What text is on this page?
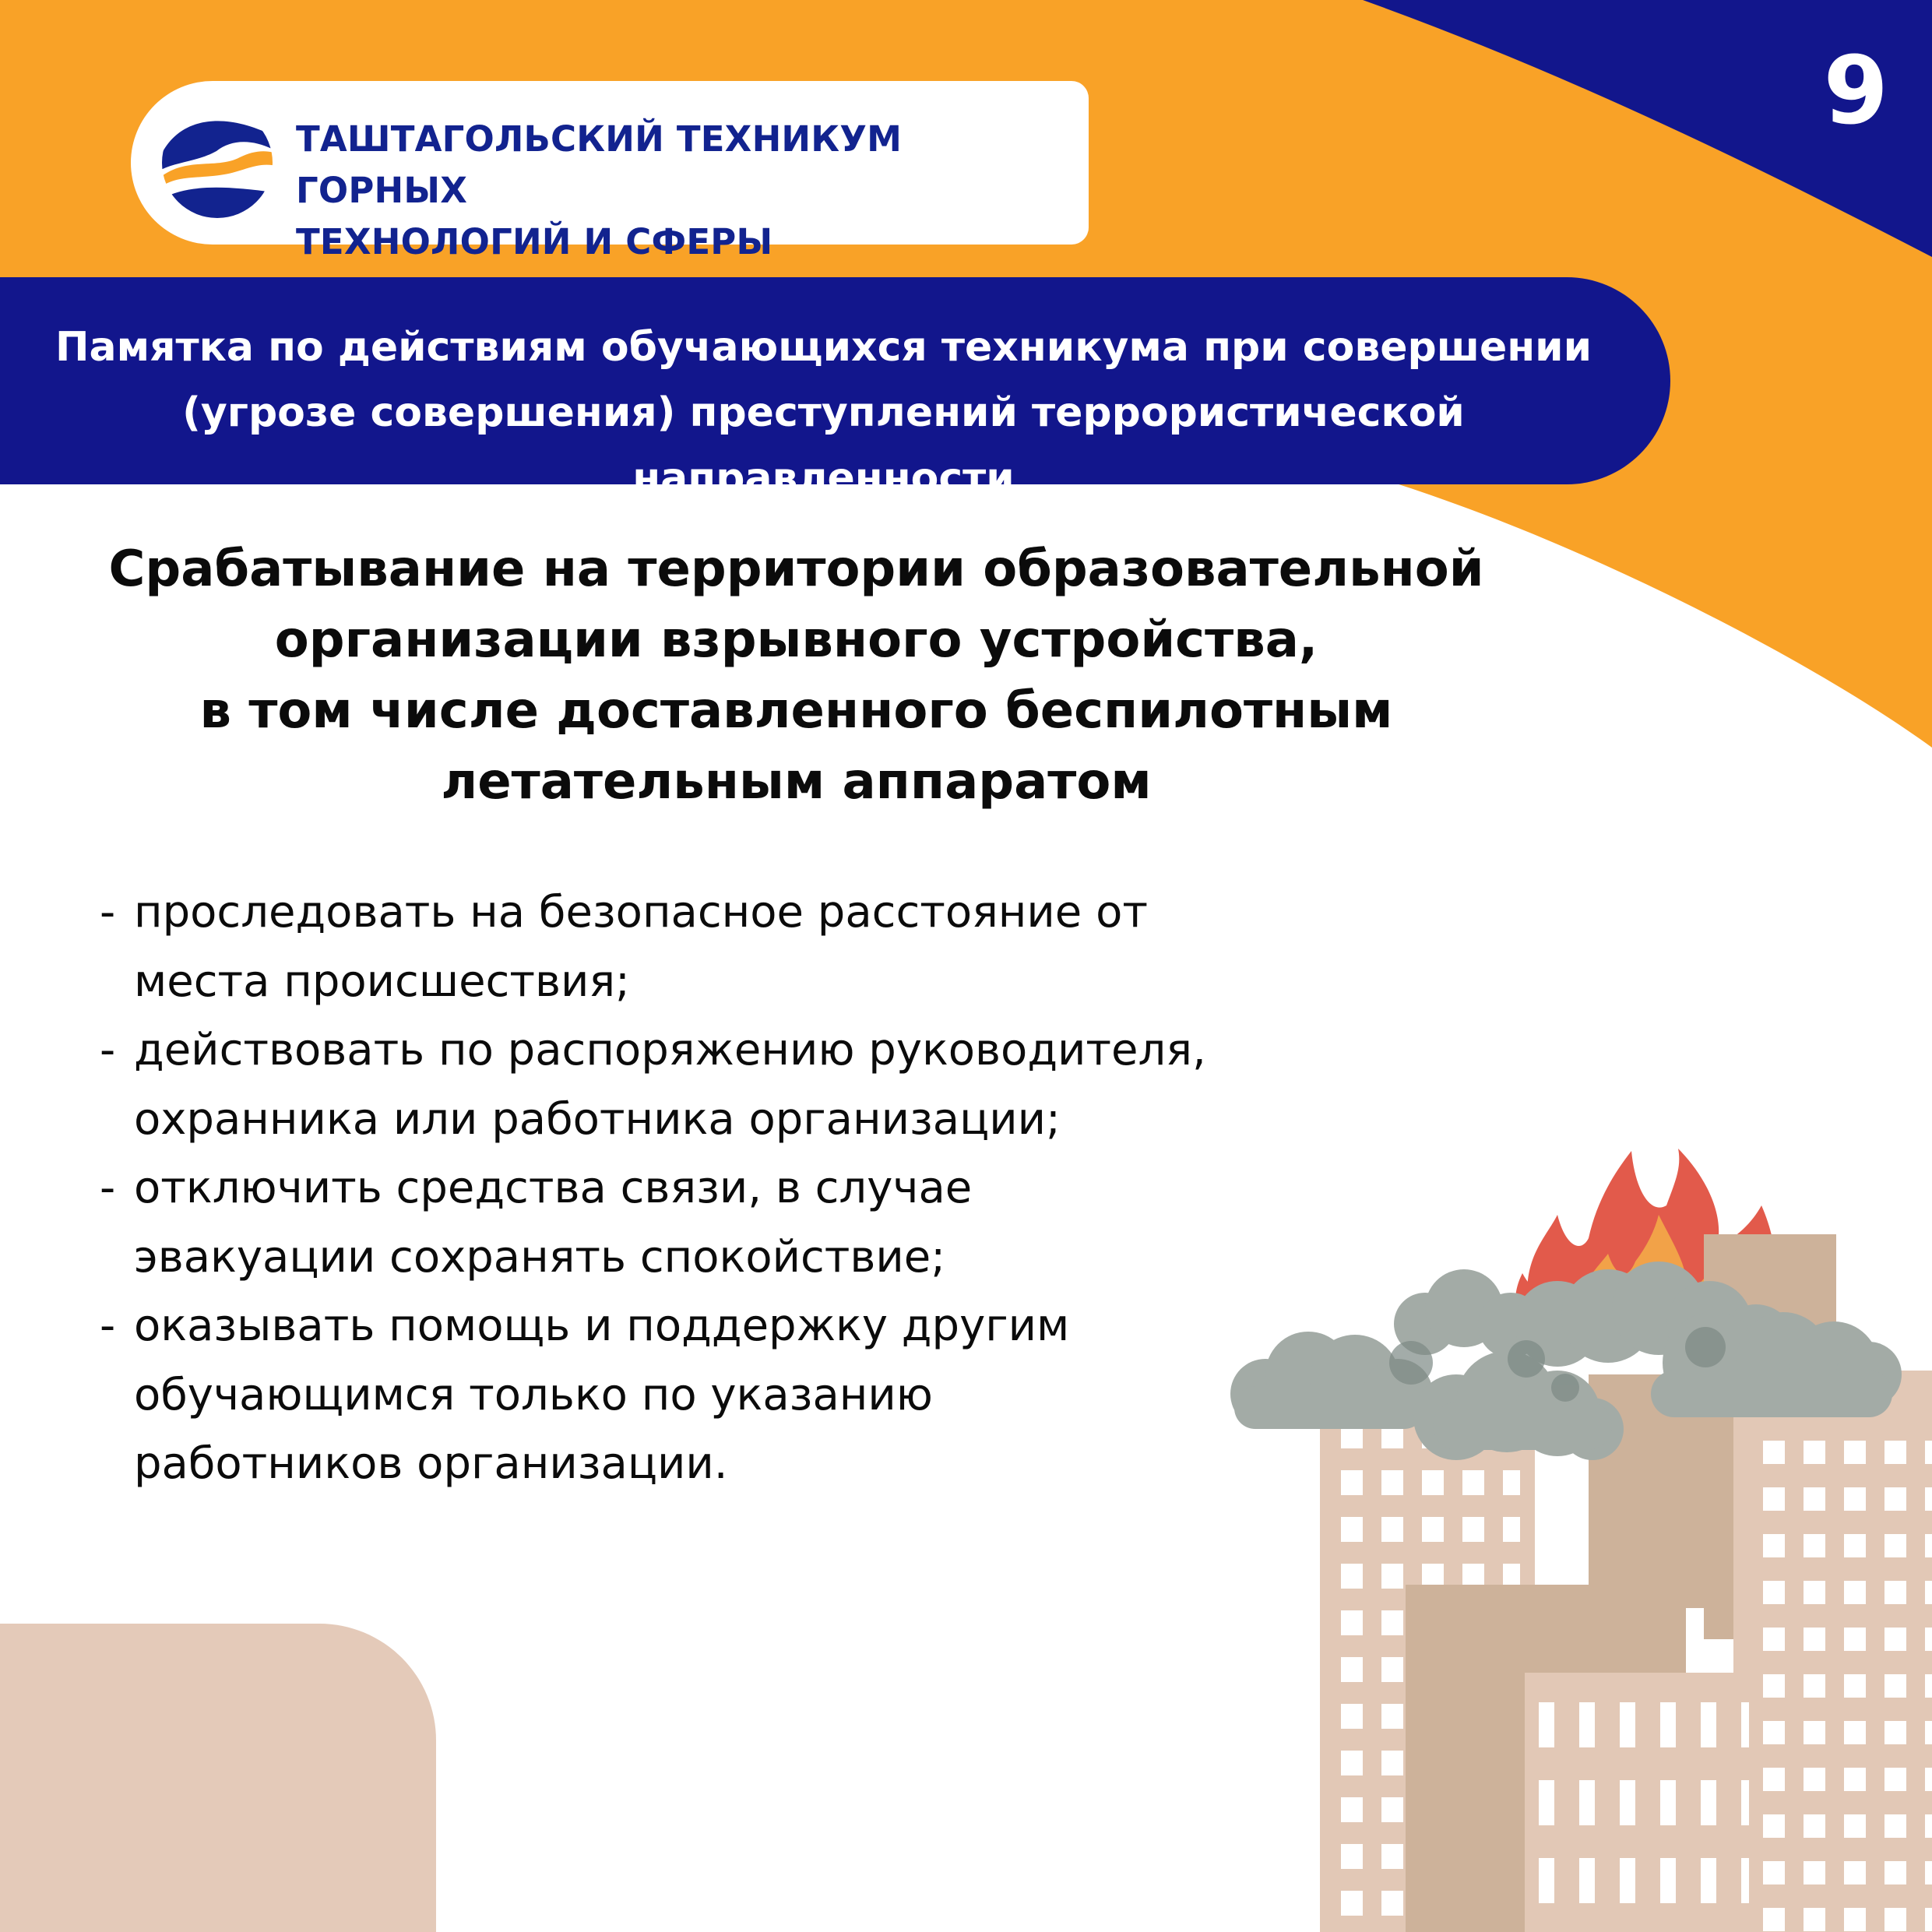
ТАШТАГОЛЬСКИЙ ТЕХНИКУМ ГОРНЫХ
ТЕХНОЛОГИЙ И СФЕРЫ
9
Памятка по действиям обучающихся техникума при совершении
(угрозе совершения) преступлений террористической направленности
Срабатывание на территории образовательной
организации взрывного устройства,
в том числе доставленного беспилотным
летательным аппаратом
- проследовать на безопасное расстояние от
места происшествия;
- действовать по распоряжению руководителя,
охранника или работника организации;
- отключить средства связи, в случае
эвакуации сохранять спокойствие;
- оказывать помощь и поддержку другим
обучающимся только по указанию
работников организации.
